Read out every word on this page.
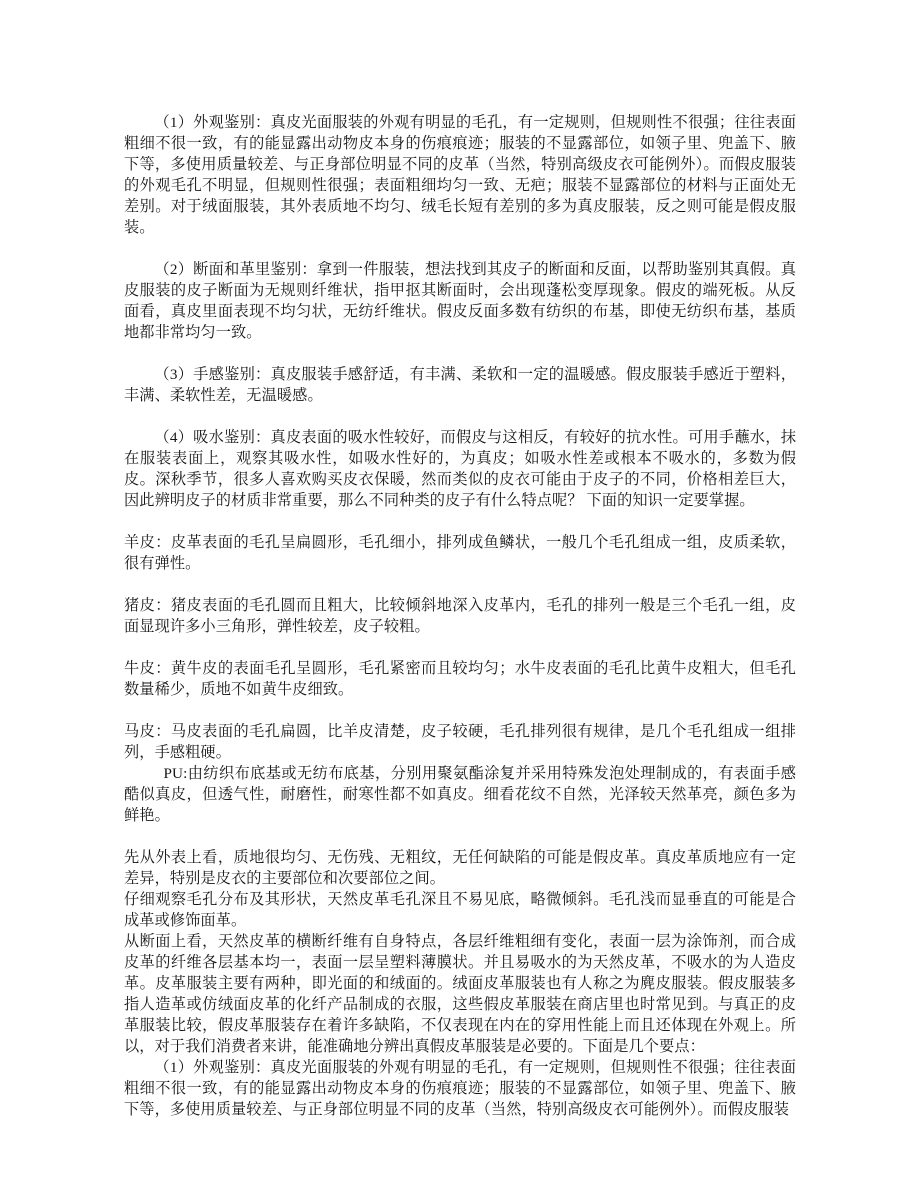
（1）外观鉴别：真皮光面服装的外观有明显的毛孔，有一定规则，但规则性不很强；往往表面粗细不很一致，有的能显露出动物皮本身的伤痕痕迹；服装的不显露部位，如领子里、兜盖下、腋下等，多使用质量较差、与正身部位明显不同的皮革（当然，特别高级皮衣可能例外）。而假皮服装的外观毛孔不明显，但规则性很强；表面粗细均匀一致、无疤；服装不显露部位的材料与正面处无差别。对于绒面服装，其外表质地不均匀、绒毛长短有差别的多为真皮服装，反之则可能是假皮服装。

（2）断面和革里鉴别：拿到一件服装，想法找到其皮子的断面和反面，以帮助鉴别其真假。真皮服装的皮子断面为无规则纤维状，指甲抠其断面时，会出现蓬松变厚现象。假皮的端死板。从反面看，真皮里面表现不均匀状，无纺纤维状。假皮反面多数有纺织的布基，即使无纺织布基，基质地都非常均匀一致。

（3）手感鉴别：真皮服装手感舒适，有丰满、柔软和一定的温暖感。假皮服装手感近于塑料，丰满、柔软性差，无温暖感。

（4）吸水鉴别：真皮表面的吸水性较好，而假皮与这相反，有较好的抗水性。可用手蘸水，抹在服装表面上，观察其吸水性，如吸水性好的，为真皮；如吸水性差或根本不吸水的，多数为假皮。深秋季节，很多人喜欢购买皮衣保暖，然而类似的皮衣可能由于皮子的不同，价格相差巨大，因此辨明皮子的材质非常重要，那么不同种类的皮子有什么特点呢？ 下面的知识一定要掌握。

羊皮：皮革表面的毛孔呈扁圆形，毛孔细小，排列成鱼鳞状，一般几个毛孔组成一组，皮质柔软，很有弹性。

猪皮：猪皮表面的毛孔圆而且粗大，比较倾斜地深入皮革内，毛孔的排列一般是三个毛孔一组，皮面显现许多小三角形，弹性较差，皮子较粗。

牛皮：黄牛皮的表面毛孔呈圆形，毛孔紧密而且较均匀；水牛皮表面的毛孔比黄牛皮粗大，但毛孔数量稀少，质地不如黄牛皮细致。

马皮：马皮表面的毛孔扁圆，比羊皮清楚，皮子较硬，毛孔排列很有规律，是几个毛孔组成一组排列，手感粗硬。

PU:由纺织布底基或无纺布底基，分别用聚氨酯涂复并采用特殊发泡处理制成的，有表面手感酷似真皮，但透气性，耐磨性，耐寒性都不如真皮。细看花纹不自然，光泽较天然革亮，颜色多为鲜艳。

先从外表上看，质地很均匀、无伤残、无粗纹，无任何缺陷的可能是假皮革。真皮革质地应有一定差异，特别是皮衣的主要部位和次要部位之间。

仔细观察毛孔分布及其形状，天然皮革毛孔深且不易见底，略微倾斜。毛孔浅而显垂直的可能是合成革或修饰面革。

从断面上看，天然皮革的横断纤维有自身特点，各层纤维粗细有变化，表面一层为涂饰剂，而合成皮革的纤维各层基本均一，表面一层呈塑料薄膜状。并且易吸水的为天然皮革，不吸水的为人造皮革。皮革服装主要有两种，即光面的和绒面的。绒面皮革服装也有人称之为麂皮服装。假皮服装多指人造革或仿绒面皮革的化纤产品制成的衣服，这些假皮革服装在商店里也时常见到。与真正的皮革服装比较，假皮革服装存在着许多缺陷，不仅表现在内在的穿用性能上而且还体现在外观上。所以，对于我们消费者来讲，能准确地分辨出真假皮革服装是必要的。下面是几个要点：

（1）外观鉴别：真皮光面服装的外观有明显的毛孔，有一定规则，但规则性不很强；往往表面粗细不很一致，有的能显露出动物皮本身的伤痕痕迹；服装的不显露部位，如领子里、兜盖下、腋下等，多使用质量较差、与正身部位明显不同的皮革（当然，特别高级皮衣可能例外）。而假皮服装
